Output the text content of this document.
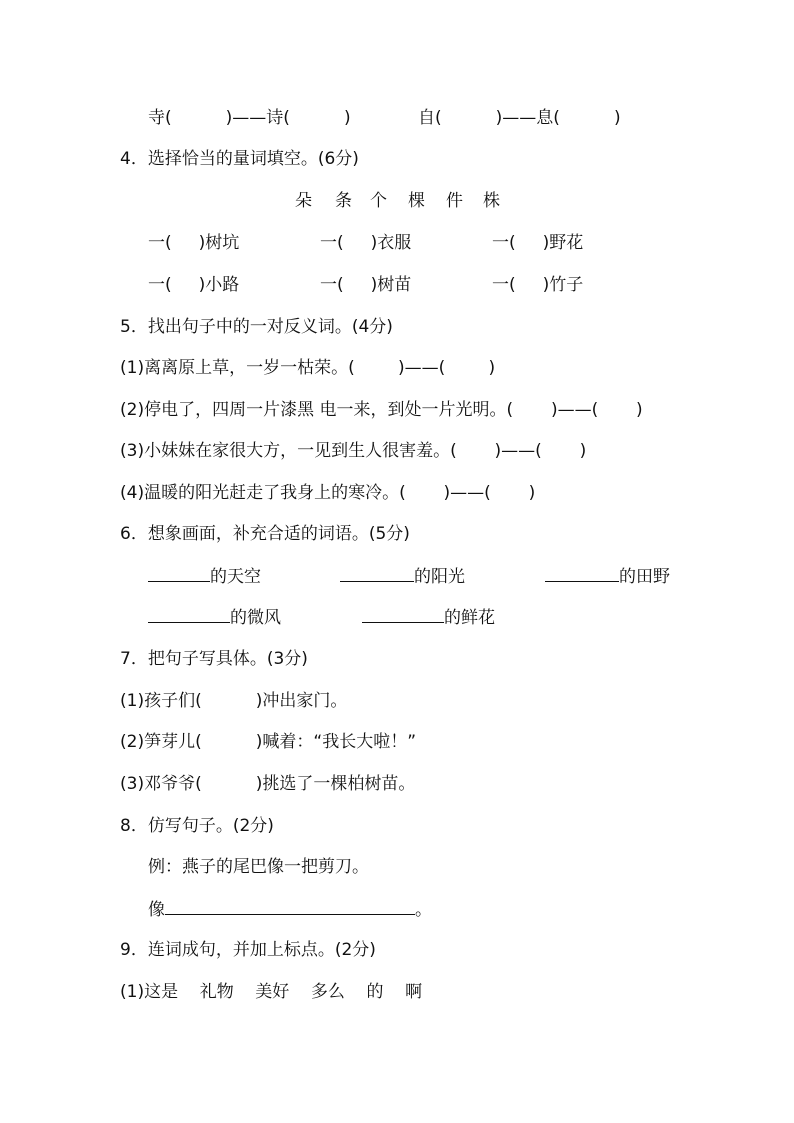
寺(          )——诗(          )	自(          )——息(          )
4．选择恰当的量词填空。(6分)
朵 条 个 棵 件 株
一(     )树坑	一(     )衣服	一(     )野花
一(     )小路	一(     )树苗	一(     )竹子
5．找出句子中的一对反义词。(4分)
(1)离离原上草，一岁一枯荣。(        )——(        )
(2)停电了，四周一片漆黑 电一来，到处一片光明。(       )——(       )
(3)小妹妹在家很大方，一见到生人很害羞。(       )——(       )
(4)温暖的阳光赶走了我身上的寒冷。(       )——(       )
6．想象画面，补充合适的词语。(5分)
的天空	的阳光	的田野
的微风	的鲜花
7．把句子写具体。(3分)
(1)孩子们(          )冲出家门。
(2)笋芽儿(          )喊着：“我长大啦！”
(3)邓爷爷(          )挑选了一棵柏树苗。
8．仿写句子。(2分)
例：燕子的尾巴像一把剪刀。
像	。
9．连词成句，并加上标点。(2分)
(1)这是    礼物    美好    多么    的    啊
